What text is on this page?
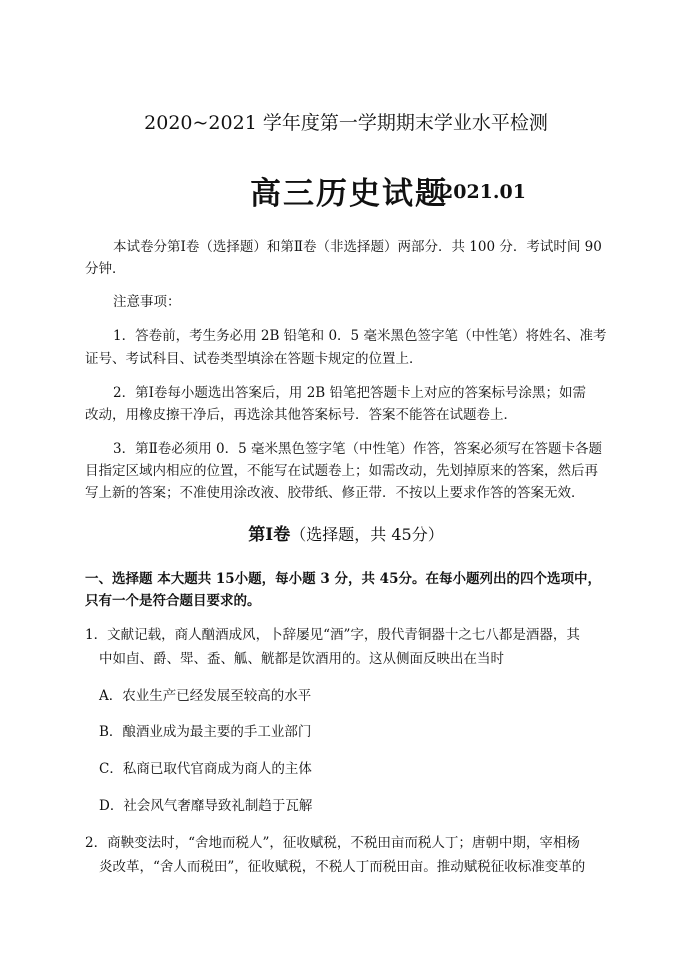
2020~2021 学年度第一学期期末学业水平检测
高三历史试题
2021.01
本试卷分第Ⅰ卷（选择题）和第Ⅱ卷（非选择题）两部分．共 100 分．考试时间 90
分钟．
注意事项：
1．答卷前，考生务必用 2B 铅笔和 0．5 毫米黑色签字笔（中性笔）将姓名、准考
证号、考试科目、试卷类型填涂在答题卡规定的位置上．
2．第Ⅰ卷每小题选出答案后，用 2B 铅笔把答题卡上对应的答案标号涂黑；如需
改动，用橡皮擦干净后，再选涂其他答案标号．答案不能答在试题卷上．
3．第Ⅱ卷必须用 0．5 毫米黑色签字笔（中性笔）作答，答案必须写在答题卡各题
目指定区域内相应的位置，不能写在试题卷上；如需改动，先划掉原来的答案，然后再
写上新的答案；不准使用涂改液、胶带纸、修正带．不按以上要求作答的答案无效．
第Ⅰ卷（选择题，共 45分）
一、选择题 本大题共 15小题，每小题 3 分，共 45分。在每小题列出的四个选项中，
只有一个是符合题目要求的。
1．文献记载，商人酗酒成风，卜辞屡见“酒”字，殷代青铜器十之七八都是酒器，其
中如卣、爵、斝、盉、觚、觥都是饮酒用的。这从侧面反映出在当时
A．农业生产已经发展至较高的水平
B．酿酒业成为最主要的手工业部门
C．私商已取代官商成为商人的主体
D．社会风气奢靡导致礼制趋于瓦解
2．商鞅变法时，“舍地而税人”，征收赋税，不税田亩而税人丁；唐朝中期，宰相杨
炎改革，“舍人而税田”，征收赋税，不税人丁而税田亩。推动赋税征收标准变革的
